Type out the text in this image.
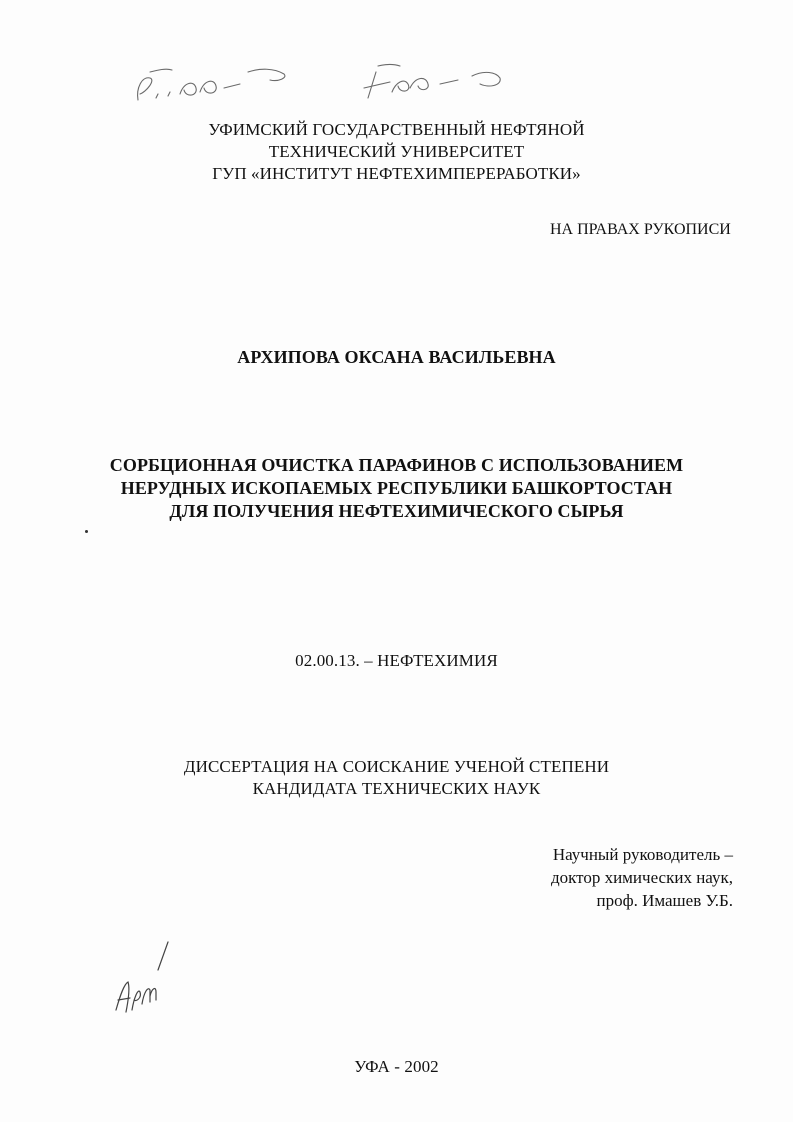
УФИМСКИЙ ГОСУДАРСТВЕННЫЙ НЕФТЯНОЙ
ТЕХНИЧЕСКИЙ УНИВЕРСИТЕТ
ГУП «ИНСТИТУТ НЕФТЕХИМПЕРЕРАБОТКИ»
НА ПРАВАХ РУКОПИСИ
АРХИПОВА ОКСАНА ВАСИЛЬЕВНА
СОРБЦИОННАЯ ОЧИСТКА ПАРАФИНОВ С ИСПОЛЬЗОВАНИЕМ
НЕРУДНЫХ ИСКОПАЕМЫХ РЕСПУБЛИКИ БАШКОРТОСТАН
ДЛЯ ПОЛУЧЕНИЯ НЕФТЕХИМИЧЕСКОГО СЫРЬЯ
02.00.13. – НЕФТЕХИМИЯ
ДИССЕРТАЦИЯ НА СОИСКАНИЕ УЧЕНОЙ СТЕПЕНИ
КАНДИДАТА ТЕХНИЧЕСКИХ НАУК
Научный руководитель –
доктор химических наук,
проф. Имашев У.Б.
УФА - 2002
